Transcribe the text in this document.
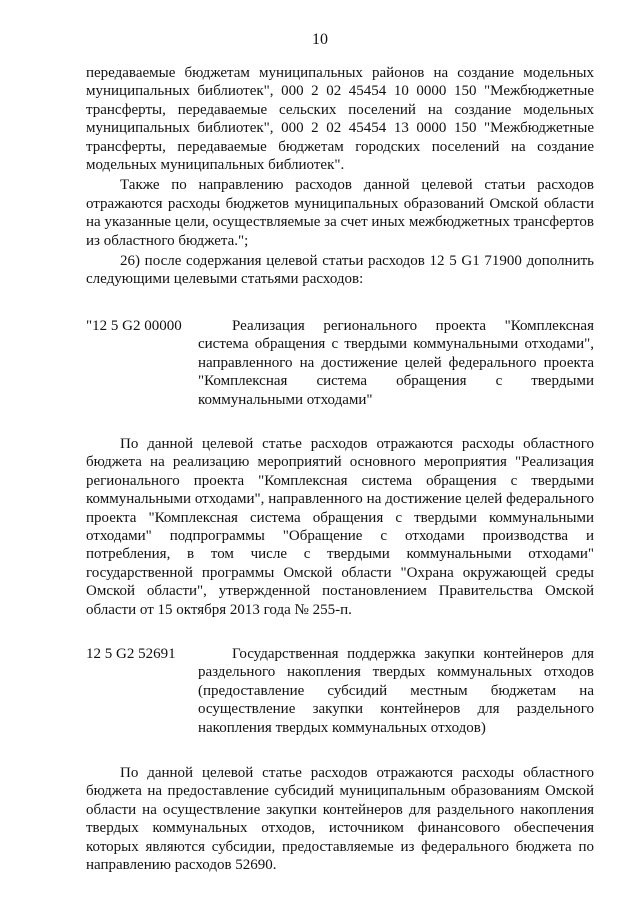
10

передаваемые бюджетам муниципальных районов на создание модельных муниципальных библиотек", 000 2 02 45454 10 0000 150 "Межбюджетные трансферты, передаваемые сельских поселений на создание модельных муниципальных библиотек", 000 2 02 45454 13 0000 150 "Межбюджетные трансферты, передаваемые бюджетам городских поселений на создание модельных муниципальных библиотек".

Также по направлению расходов данной целевой статьи расходов отражаются расходы бюджетов муниципальных образований Омской области на указанные цели, осуществляемые за счет иных межбюджетных трансфертов из областного бюджета.";

26) после содержания целевой статьи расходов 12 5 G1 71900 дополнить следующими целевыми статьями расходов:

"12 5 G2 00000	Реализация регионального проекта "Комплексная система обращения с твердыми коммунальными отходами", направленного на достижение целей федерального проекта "Комплексная система обращения с твердыми коммунальными отходами"

По данной целевой статье расходов отражаются расходы областного бюджета на реализацию мероприятий основного мероприятия "Реализация регионального проекта "Комплексная система обращения с твердыми коммунальными отходами", направленного на достижение целей федерального проекта "Комплексная система обращения с твердыми коммунальными отходами" подпрограммы "Обращение с отходами производства и потребления, в том числе с твердыми коммунальными отходами" государственной программы Омской области "Охрана окружающей среды Омской области", утвержденной постановлением Правительства Омской области от 15 октября 2013 года № 255-п.

12 5 G2 52691	Государственная поддержка закупки контейнеров для раздельного накопления твердых коммунальных отходов (предоставление субсидий местным бюджетам на осуществление закупки контейнеров для раздельного накопления твердых коммунальных отходов)

По данной целевой статье расходов отражаются расходы областного бюджета на предоставление субсидий муниципальным образованиям Омской области на осуществление закупки контейнеров для раздельного накопления твердых коммунальных отходов, источником финансового обеспечения которых являются субсидии, предоставляемые из федерального бюджета по направлению расходов 52690.
